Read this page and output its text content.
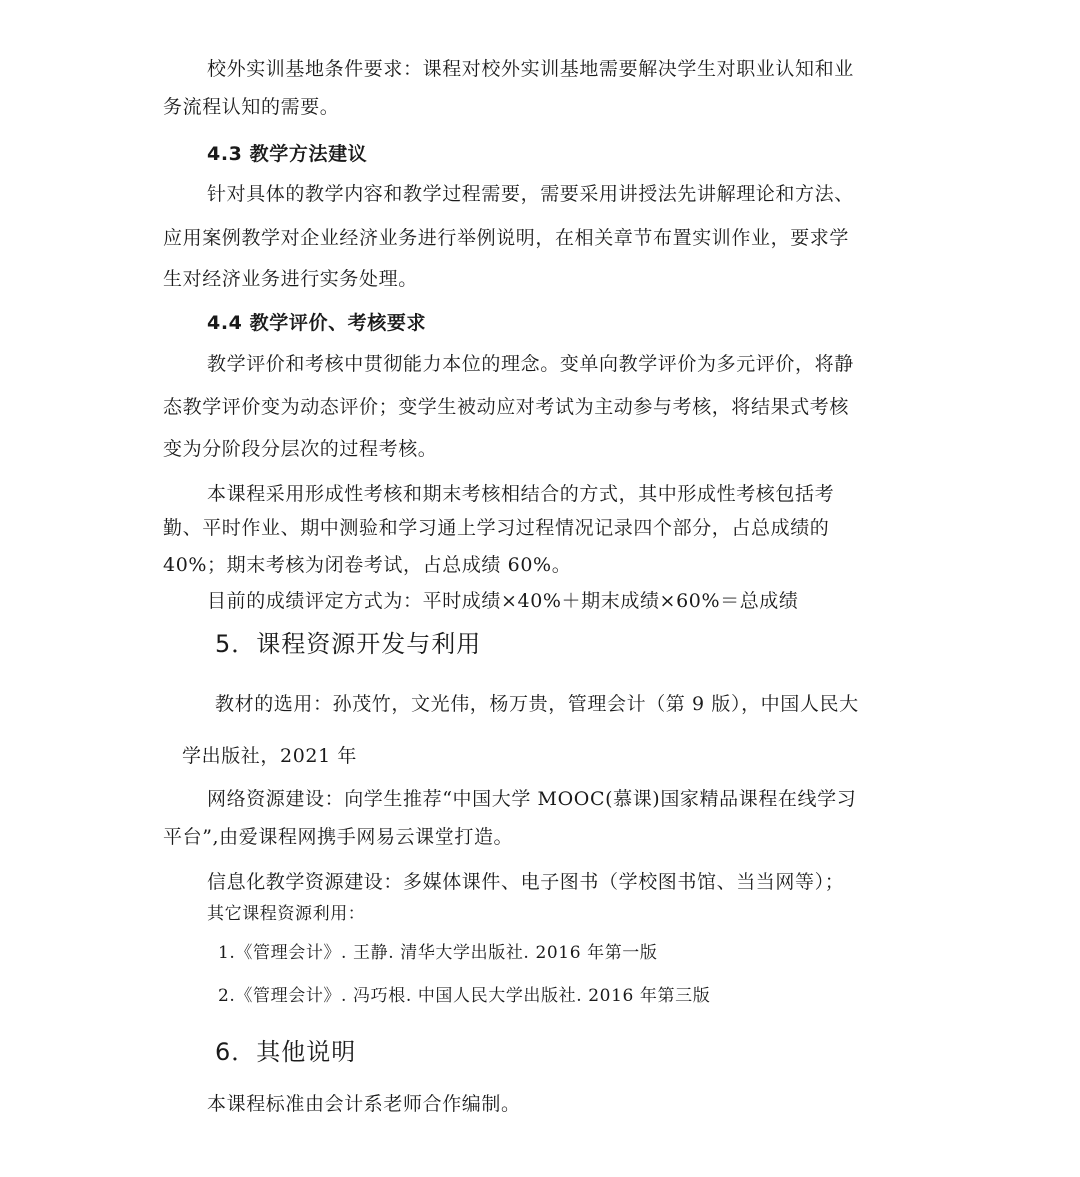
校外实训基地条件要求：课程对校外实训基地需要解决学生对职业认知和业
务流程认知的需要。
4.3 教学方法建议
针对具体的教学内容和教学过程需要，需要采用讲授法先讲解理论和方法、
应用案例教学对企业经济业务进行举例说明，在相关章节布置实训作业，要求学
生对经济业务进行实务处理。
4.4 教学评价、考核要求
教学评价和考核中贯彻能力本位的理念。变单向教学评价为多元评价，将静
态教学评价变为动态评价；变学生被动应对考试为主动参与考核，将结果式考核
变为分阶段分层次的过程考核。
本课程采用形成性考核和期末考核相结合的方式，其中形成性考核包括考
勤、平时作业、期中测验和学习通上学习过程情况记录四个部分，占总成绩的
40%；期末考核为闭卷考试，占总成绩 60%。
目前的成绩评定方式为：平时成绩×40%＋期末成绩×60%＝总成绩
5．课程资源开发与利用
教材的选用：孙茂竹，文光伟，杨万贵，管理会计（第 9 版），中国人民大
学出版社，2021 年
网络资源建设：向学生推荐“中国大学 MOOC(慕课)国家精品课程在线学习
平台”,由爱课程网携手网易云课堂打造。
信息化教学资源建设：多媒体课件、电子图书（学校图书馆、当当网等）；
其它课程资源利用：
1.《管理会计》. 王静. 清华大学出版社. 2016 年第一版
2.《管理会计》. 冯巧根. 中国人民大学出版社. 2016 年第三版
6．其他说明
本课程标准由会计系老师合作编制。
